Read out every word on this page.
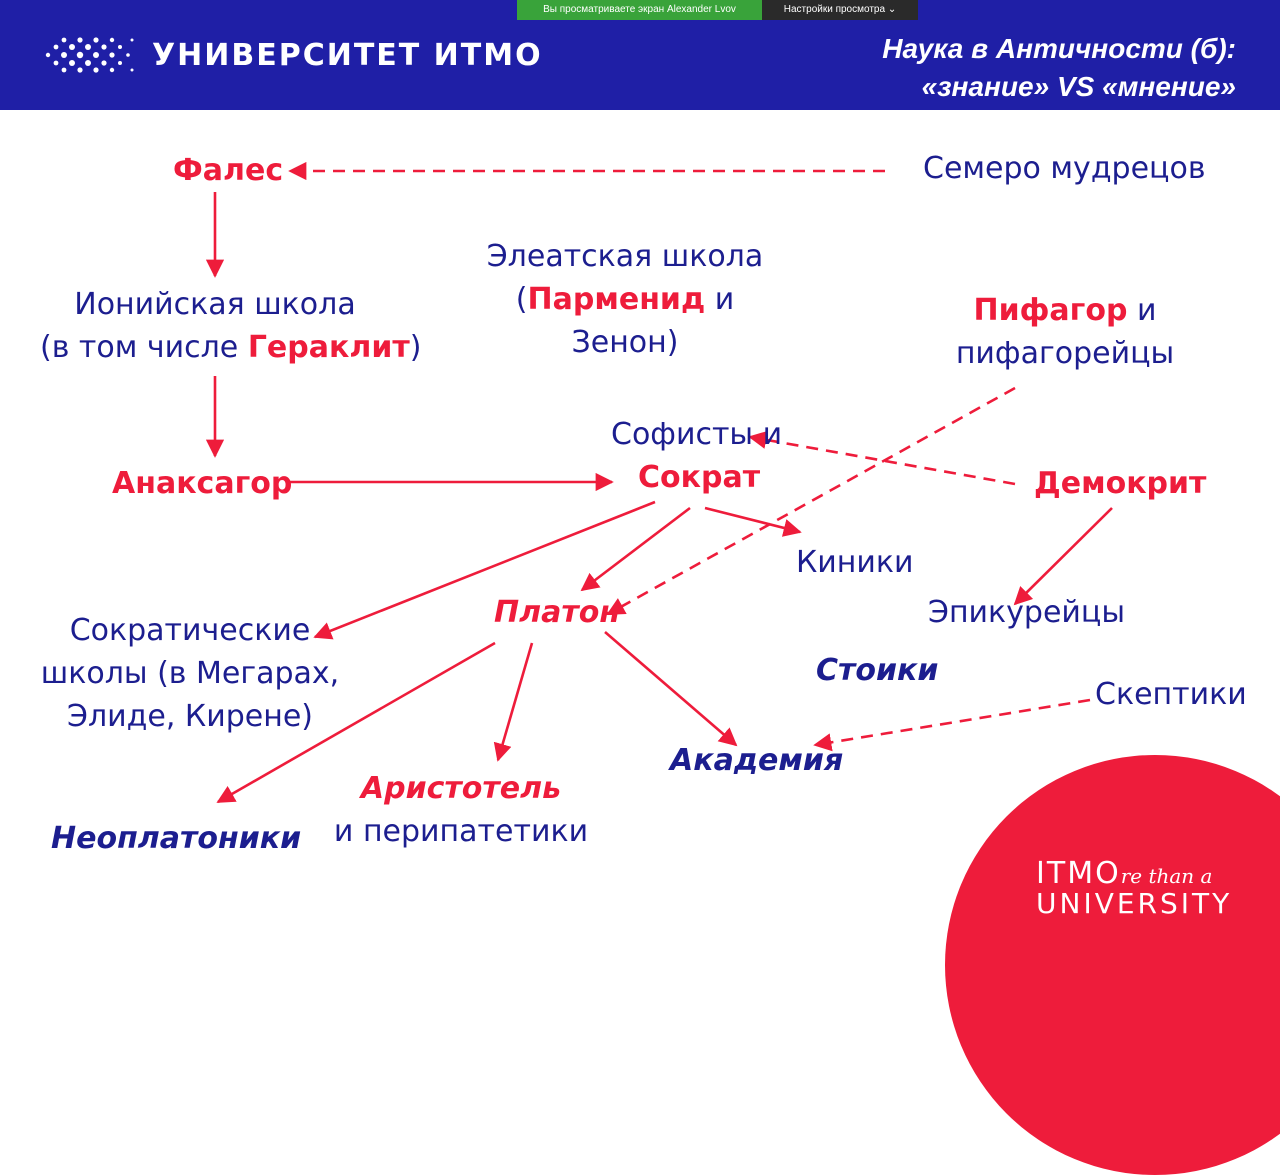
УНИВЕРСИТЕТ ИТМО	Наука в Античности (б):
«знание» VS «мнение»
Вы просматриваете экран Alexander Lvov	Настройки просмотра ⌄
Фалес	Семеро мудрецов
Ионийская школа
(в том числе Гераклит)
Элеатская школа
(Парменид и
Зенон)
Пифагор и
пифагорейцы
Анаксагор
Софисты и
Сократ	Демокрит
Киники
Эпикурейцы
Платон
Сократические
школы (в Мегарах,
Элиде, Кирене)
Стоики
Скептики
Академия
Аристотель
и перипатетики
Неоплатоники
ITMOre than a
UNIVERSITY
